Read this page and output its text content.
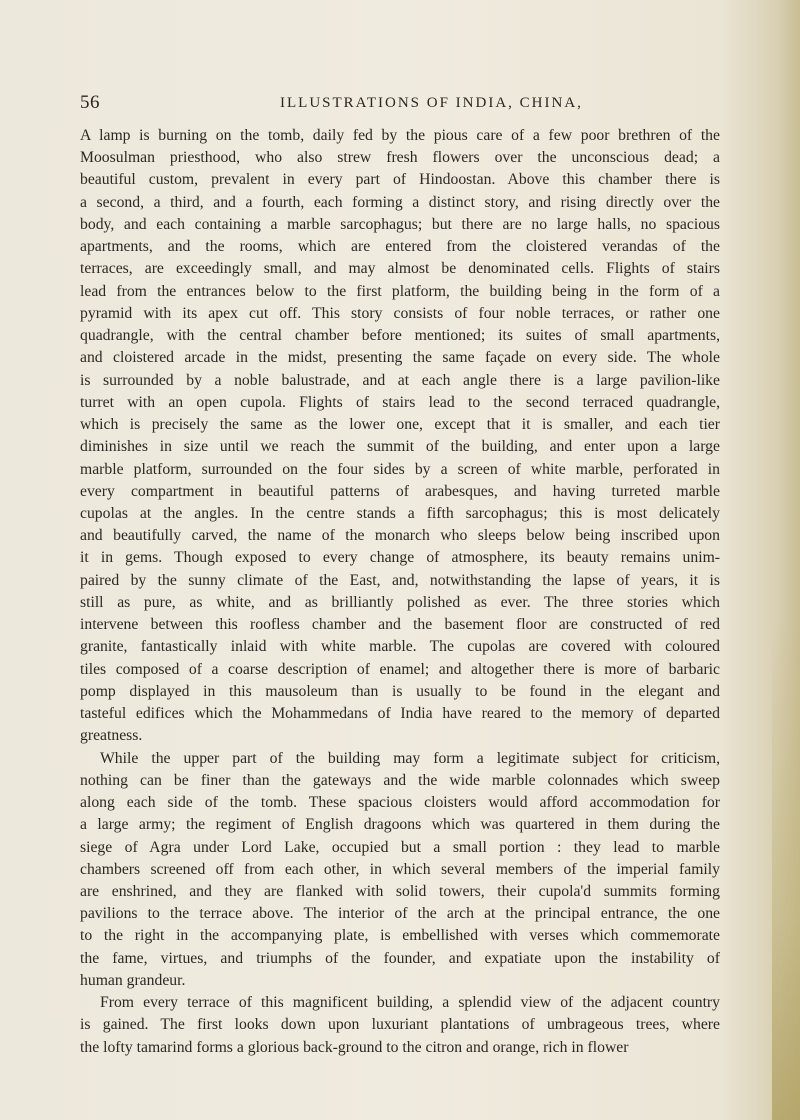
56	ILLUSTRATIONS OF INDIA, CHINA,

A lamp is burning on the tomb, daily fed by the pious care of a few poor brethren of the
Moosulman priesthood, who also strew fresh flowers over the unconscious dead; a
beautiful custom, prevalent in every part of Hindoostan. Above this chamber there is
a second, a third, and a fourth, each forming a distinct story, and rising directly over the
body, and each containing a marble sarcophagus; but there are no large halls, no spacious
apartments, and the rooms, which are entered from the cloistered verandas of the
terraces, are exceedingly small, and may almost be denominated cells. Flights of stairs
lead from the entrances below to the first platform, the building being in the form of a
pyramid with its apex cut off. This story consists of four noble terraces, or rather one
quadrangle, with the central chamber before mentioned; its suites of small apartments,
and cloistered arcade in the midst, presenting the same façade on every side. The whole
is surrounded by a noble balustrade, and at each angle there is a large pavilion-like
turret with an open cupola. Flights of stairs lead to the second terraced quadrangle,
which is precisely the same as the lower one, except that it is smaller, and each tier
diminishes in size until we reach the summit of the building, and enter upon a large
marble platform, surrounded on the four sides by a screen of white marble, perforated in
every compartment in beautiful patterns of arabesques, and having turreted marble
cupolas at the angles. In the centre stands a fifth sarcophagus; this is most delicately
and beautifully carved, the name of the monarch who sleeps below being inscribed upon
it in gems. Though exposed to every change of atmosphere, its beauty remains unim-
paired by the sunny climate of the East, and, notwithstanding the lapse of years, it is
still as pure, as white, and as brilliantly polished as ever. The three stories which
intervene between this roofless chamber and the basement floor are constructed of red
granite, fantastically inlaid with white marble. The cupolas are covered with coloured
tiles composed of a coarse description of enamel; and altogether there is more of barbaric
pomp displayed in this mausoleum than is usually to be found in the elegant and
tasteful edifices which the Mohammedans of India have reared to the memory of departed
greatness.

While the upper part of the building may form a legitimate subject for criticism,
nothing can be finer than the gateways and the wide marble colonnades which sweep
along each side of the tomb. These spacious cloisters would afford accommodation for
a large army; the regiment of English dragoons which was quartered in them during the
siege of Agra under Lord Lake, occupied but a small portion : they lead to marble
chambers screened off from each other, in which several members of the imperial family
are enshrined, and they are flanked with solid towers, their cupola'd summits forming
pavilions to the terrace above. The interior of the arch at the principal entrance, the one
to the right in the accompanying plate, is embellished with verses which commemorate
the fame, virtues, and triumphs of the founder, and expatiate upon the instability of
human grandeur.

From every terrace of this magnificent building, a splendid view of the adjacent country
is gained. The first looks down upon luxuriant plantations of umbrageous trees, where
the lofty tamarind forms a glorious back-ground to the citron and orange, rich in flower
